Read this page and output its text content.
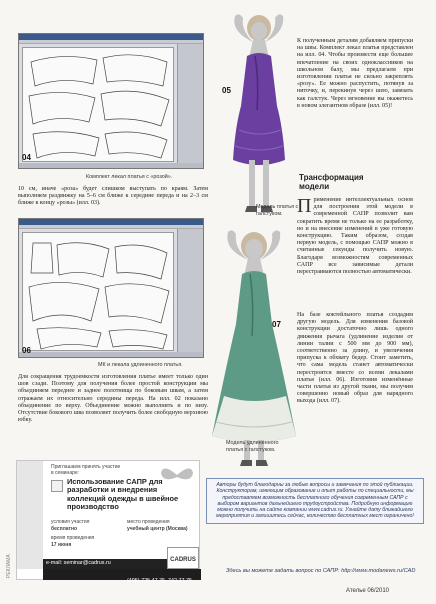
04
Комплект лекал платья с «розой».
10 см, иначе «роза» будет слишком выступать по краям. Затем выполняем раздвижку на 5–6 см ближе к середине переда и на 2–3 см ближе к концу «розы» (илл. 03).
06
МК и лекала удлиненного платья.
Для сокращения трудоемкости изготовления платье имеет только один шов сзади. Поэтому для получения более простой конструкции мы объединяем переднее и заднее полотнища по боковым швам, а затем отражаем их относительно середины переда. На илл. 02 показано объединение по верху. Объединение можно выполнить и по низу. Отсутствие бокового шва позволяет получить более свободную верхнюю юбку.
К полученным деталям добавляем припуски на швы. Комплект лекал платья представлен на илл. 04. Чтобы произвести еще большее впечатление на своих одноклассников на школьном балу, мы предлагаем при изготовлении платья не сильно закреплять «розу». Ее можно распустить, потянув за ниточку, и, перекинув через шею, завязать как галстук. Через мгновение вы окажетесь в новом элегантном образе (илл. 05)!
Трансформация модели
Применение интеллектуальных основ для построения этой модели в современной САПР позволит вам сократить время не только на ее разработку, но и на внесение изменений в уже готовую конструкцию. Таким образом, создав первую модель, с помощью САПР можно в считанные секунды получить новую. Благодаря возможностям современных САПР все зависимые детали перестраиваются полностью автоматически.
На базе коктейльного платья создадим другую модель. Для изменения базовой конструкции достаточно лишь одного движения рычага (удлинение изделия от линии талии с 500 мм до 900 мм), соответственно за длину, и увеличения припуска к обхвату бедер. Стоит заметить, что сама модель станет автоматически перестроится вместе со всеми лекалами платья (илл. 06). Изготовив изменённые части платья из другой ткани, мы получим совершенно новый образ для нарядного выхода (илл. 07).
05
Модель платья с галстуком.
07
Модель удлиненного платья с галстуком.
Приглашаем принять участие в семинаре:
Использование САПР для разработки и внедрения коллекций одежды в швейное производство
условия участия
бесплатно
место проведения
учебный центр (Москва)
время проведения
17 июня
e-mail: seminar@cadrus.ru	CADRUS
(495) 725 47 75, 742 77 75
РЕКЛАМА
Авторы будут благодарны за любые вопросы и замечания по этой публикации. Конструкторам, имеющим образование и опыт работы по специальности, мы предоставляем возможность бесплатного обучения современным САПР с выбором вариантов дальнейшего трудоустройства. Подробную информацию можно получить на сайте компании www.cadrus.ru. Узнайте дату ближайшего мероприятия и запишитесь сейчас, количество бесплатных мест ограничено!
Здесь вы можете задать вопрос по САПР: http://www.modanews.ru/CAD
Ателье 06/2010
